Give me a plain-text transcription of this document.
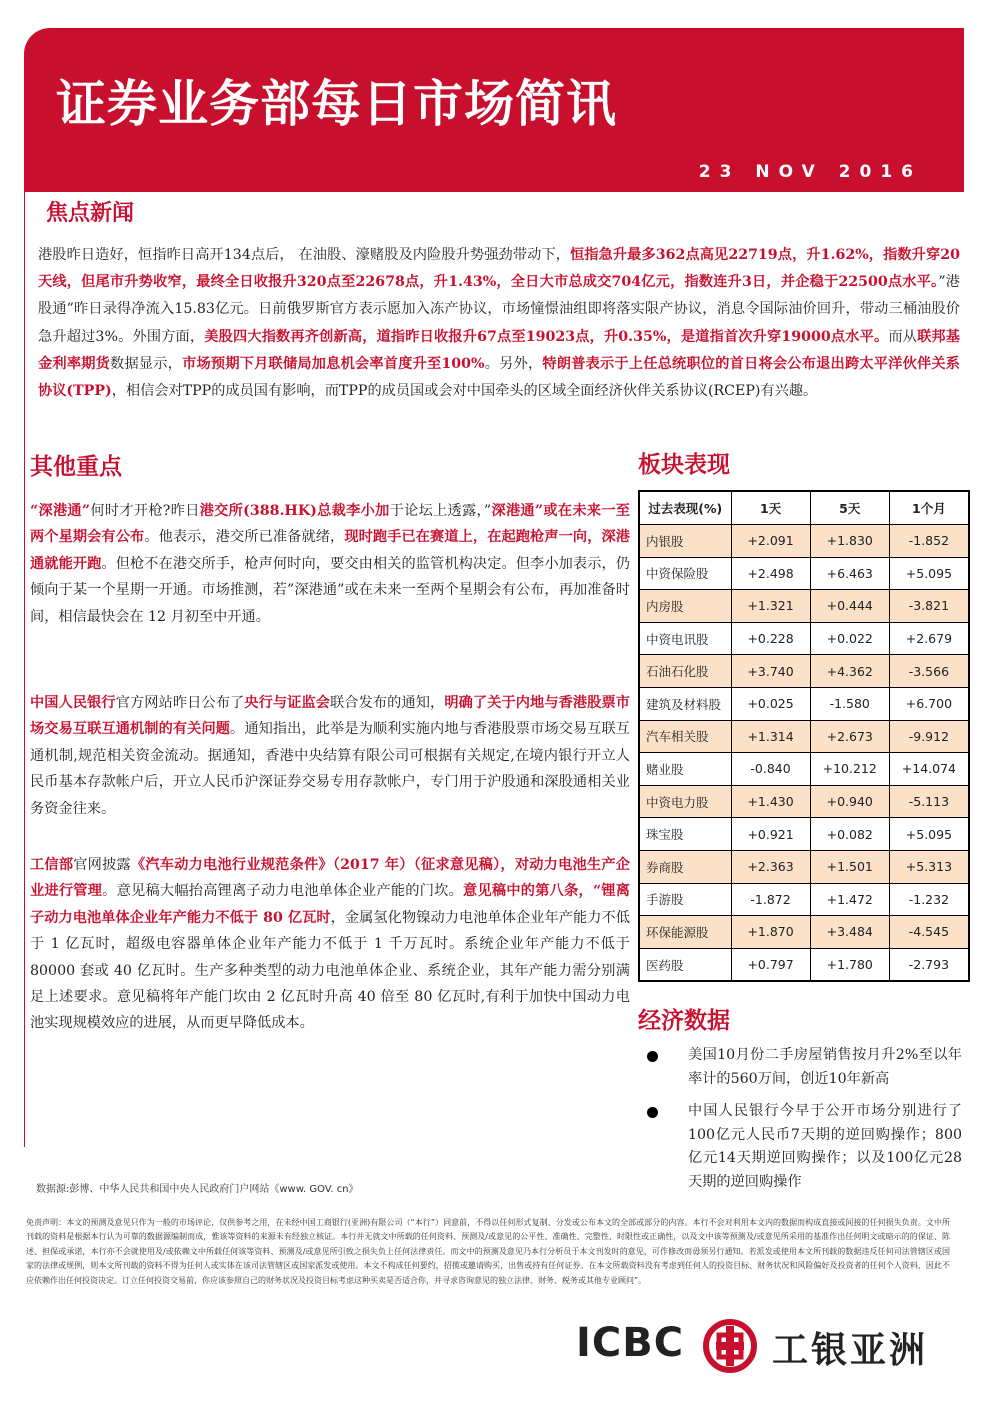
证券业务部每日市场简讯
23 NOV 2016
焦点新闻
港股昨日造好，恒指昨日高开134点后， 在油股、濠赌股及内险股升势强劲带动下，恒指急升最多362点高见22719点，升1.62%，指数升穿20天线，但尾市升势收窄，最终全日收报升320点至22678点，升1.43%，全日大市总成交704亿元，指数连升3日，并企稳于22500点水平。”港股通”昨日录得净流入15.83亿元。日前俄罗斯官方表示愿加入冻产协议，市场憧憬油组即将落实限产协议，消息令国际油价回升，带动三桶油股价急升超过3%。外围方面，美股四大指数再齐创新高，道指昨日收报升67点至19023点，升0.35%，是道指首次升穿19000点水平。而从联邦基金利率期货数据显示，市场预期下月联储局加息机会率首度升至100%。另外，特朗普表示于上任总统职位的首日将会公布退出跨太平洋伙伴关系协议(TPP)，相信会对TPP的成员国有影响，而TPP的成员国或会对中国牵头的区域全面经济伙伴关系协议(RCEP)有兴趣。
其他重点
“深港通”何时才开枪?昨日港交所(388.HK)总裁李小加于论坛上透露，”深港通”或在未来一至两个星期会有公布。他表示，港交所已准备就绪，现时跑手已在赛道上，在起跑枪声一向，深港通就能开跑。但枪不在港交所手，枪声何时向，要交由相关的监管机构决定。但李小加表示，仍倾向于某一个星期一开通。市场推测，若”深港通”或在未来一至两个星期会有公布，再加准备时间，相信最快会在 12 月初至中开通。
中国人民银行官方网站昨日公布了央行与证监会联合发布的通知，明确了关于内地与香港股票市场交易互联互通机制的有关问题。通知指出，此举是为顺利实施内地与香港股票市场交易互联互通机制,规范相关资金流动。据通知，香港中央结算有限公司可根据有关规定,在境内银行开立人民币基本存款帐户后，开立人民币沪深证券交易专用存款帐户，专门用于沪股通和深股通相关业务资金往来。
工信部官网披露《汽车动力电池行业规范条件》（2017 年）（征求意见稿），对动力电池生产企业进行管理。意见稿大幅抬高锂离子动力电池单体企业产能的门坎。意见稿中的第八条，“锂离子动力电池单体企业年产能力不低于 80 亿瓦时，金属氢化物镍动力电池单体企业年产能力不低于 1 亿瓦时，超级电容器单体企业年产能力不低于 1 千万瓦时。系统企业年产能力不低于 80000 套或 40 亿瓦时。生产多种类型的动力电池单体企业、系统企业，其年产能力需分别满足上述要求。意见稿将年产能门坎由 2 亿瓦时升高 40 倍至 80 亿瓦时,有利于加快中国动力电池实现规模效应的进展，从而更早降低成本。
板块表现
过去表现(%)	1天	5天	1个月
内银股	+2.091	+1.830	-1.852
中资保险股	+2.498	+6.463	+5.095
内房股	+1.321	+0.444	-3.821
中资电讯股	+0.228	+0.022	+2.679
石油石化股	+3.740	+4.362	-3.566
建筑及材料股	+0.025	-1.580	+6.700
汽车相关股	+1.314	+2.673	-9.912
赌业股	-0.840	+10.212	+14.074
中资电力股	+1.430	+0.940	-5.113
珠宝股	+0.921	+0.082	+5.095
券商股	+2.363	+1.501	+5.313
手游股	-1.872	+1.472	-1.232
环保能源股	+1.870	+3.484	-4.545
医药股	+0.797	+1.780	-2.793
经济数据
美国10月份二手房屋销售按月升2%至以年率计的560万间，创近10年新高
中国人民银行今早于公开市场分别进行了100亿元人民币7天期的逆回购操作；800亿元14天期逆回购操作；以及100亿元28天期的逆回购操作
数据源:彭博、中华人民共和国中央人民政府门户网站《www. GOV. cn》
免责声明：本文的预测及意见只作为一般的市场评论，仅供参考之用，在未经中国工商银行(亚洲)有限公司（“本行”）同意前，不得以任何形式复制、分发或公布本文的全部或部分的内容。本行不会对利用本文内的数据而构成直接或间接的任何损失负责。文中所刊载的资料是根据本行认为可靠的数据源编制而成，惟该等资料的来源未有经独立核证。本行并无就文中所载的任何资料、预测及/或意见的公平性、准确性、完整性、时限性或正确性，以及文中该等预测及/或意见所采用的基准作出任何明文或暗示的的保证、陈述、担保或承诺，本行亦不会就使用及/或依赖文中所载任何该等资料、预测及/或意见所引致之损失负上任何法律责任。而文中的预测及意见乃本行分析员于本文刊发时的意见，可作修改而毋须另行通知。若派发或使用本文所刊载的数据违反任何司法管辖区或国家的法律或规例，则本文所刊载的资料不得为任何人或实体在该司法管辖区或国家派发或使用。本文不构成任何要约，招揽或邀请购买，出售或持有任何证券。在本文所载资料没有考虑到任何人的投资目标、财务状况和风险偏好及投资者的任何个人资料，因此不应依赖作出任何投资决定。订立任何投资交易前，你应该参照自己的财务状况及投资目标考虑这种买卖是否适合你，并寻求咨询意见的独立法律、财务、税务或其他专业顾问”。
ICBC 工银亚洲
